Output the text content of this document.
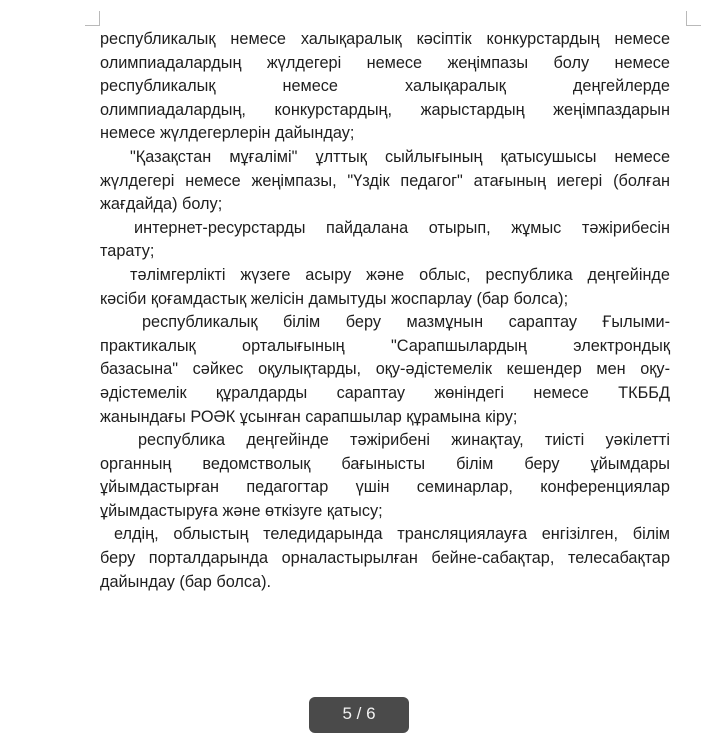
республикалық немесе халықаралық кәсіптік конкурстардың немесе
олимпиадалардың жүлдегері немесе жеңімпазы болу немесе
республикалық немесе халықаралық деңгейлерде
олимпиадалардың, конкурстардың, жарыстардың жеңімпаздарын
немесе жүлдегерлерін дайындау;
"Қазақстан мұғалімі" ұлттық сыйлығының қатысушысы немесе
жүлдегері немесе жеңімпазы, "Үздік педагог" атағының иегері (болған
жағдайда) болу;
интернет-ресурстарды пайдалана отырып, жұмыс тәжірибесін
тарату;
тәлімгерлікті жүзеге асыру және облыс, республика деңгейінде
кәсіби қоғамдастық желісін дамытуды жоспарлау (бар болса);
республикалық білім беру мазмұнын сараптау Ғылыми-
практикалық орталығының "Сарапшылардың электрондық
базасына" сәйкес оқулықтарды, оқу-әдістемелік кешендер мен оқу-
әдістемелік құралдарды сараптау жөніндегі немесе ТКББД
жанындағы РОӘК ұсынған сарапшылар құрамына кіру;
республика деңгейінде тәжірибені жинақтау, тиісті уәкілетті
органның ведомстволық бағынысты білім беру ұйымдары
ұйымдастырған педагогтар үшін семинарлар, конференциялар
ұйымдастыруға және өткізуге қатысу;
елдің, облыстың теледидарында трансляциялауға енгізілген, білім
беру порталдарында орналастырылған бейне-сабақтар, телесабақтар
дайындау (бар болса).
5 / 6
